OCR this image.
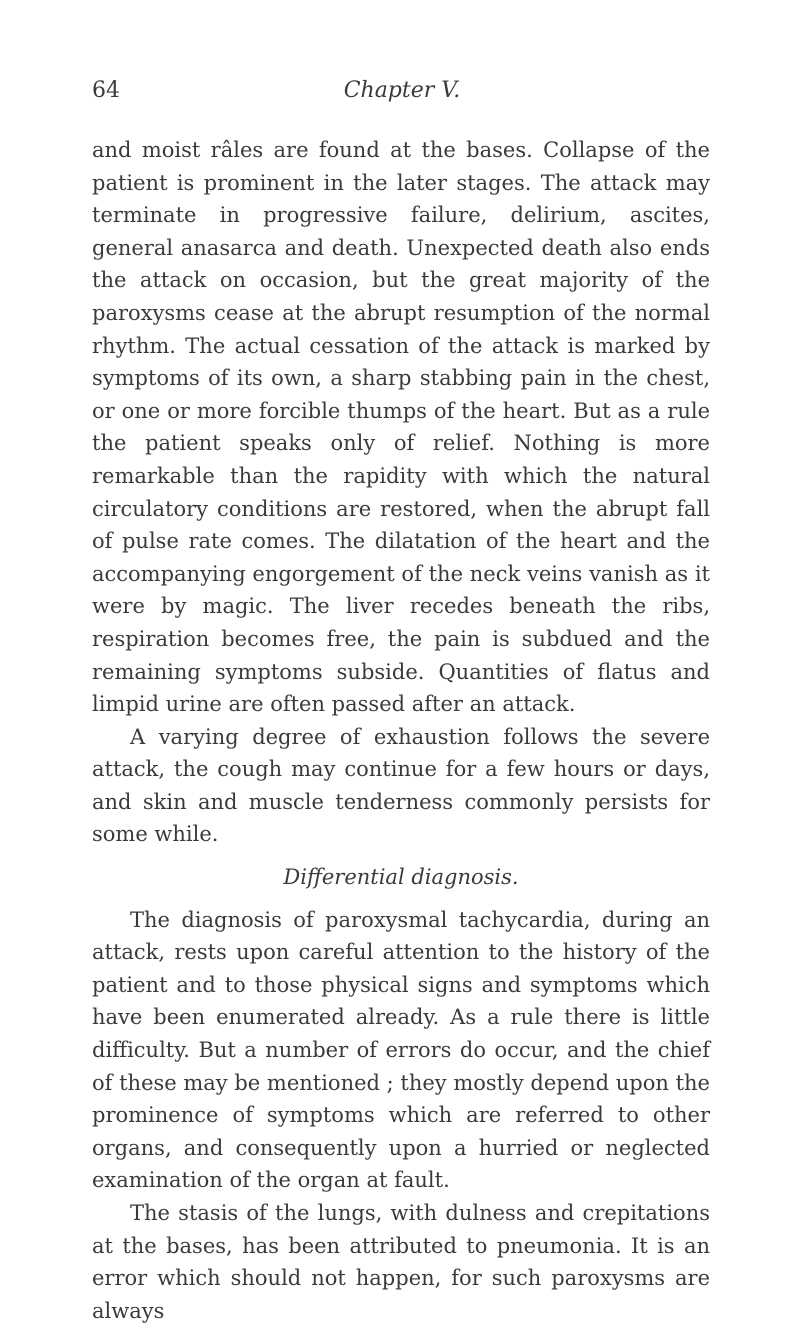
64	Chapter V.

and moist râles are found at the bases. Collapse of the patient is prominent in the later stages. The attack may terminate in progressive failure, delirium, ascites, general anasarca and death. Unexpected death also ends the attack on occasion, but the great majority of the paroxysms cease at the abrupt resumption of the normal rhythm. The actual cessation of the attack is marked by symptoms of its own, a sharp stabbing pain in the chest, or one or more forcible thumps of the heart. But as a rule the patient speaks only of relief. Nothing is more remarkable than the rapidity with which the natural circulatory conditions are restored, when the abrupt fall of pulse rate comes. The dilatation of the heart and the accompanying engorgement of the neck veins vanish as it were by magic. The liver recedes beneath the ribs, respiration becomes free, the pain is subdued and the remaining symptoms subside. Quantities of flatus and limpid urine are often passed after an attack.

A varying degree of exhaustion follows the severe attack, the cough may continue for a few hours or days, and skin and muscle tenderness commonly persists for some while.

Differential diagnosis.

The diagnosis of paroxysmal tachycardia, during an attack, rests upon careful attention to the history of the patient and to those physical signs and symptoms which have been enumerated already. As a rule there is little difficulty. But a number of errors do occur, and the chief of these may be mentioned ; they mostly depend upon the prominence of symptoms which are referred to other organs, and consequently upon a hurried or neglected examination of the organ at fault.

The stasis of the lungs, with dulness and crepitations at the bases, has been attributed to pneumonia. It is an error which should not happen, for such paroxysms are always
